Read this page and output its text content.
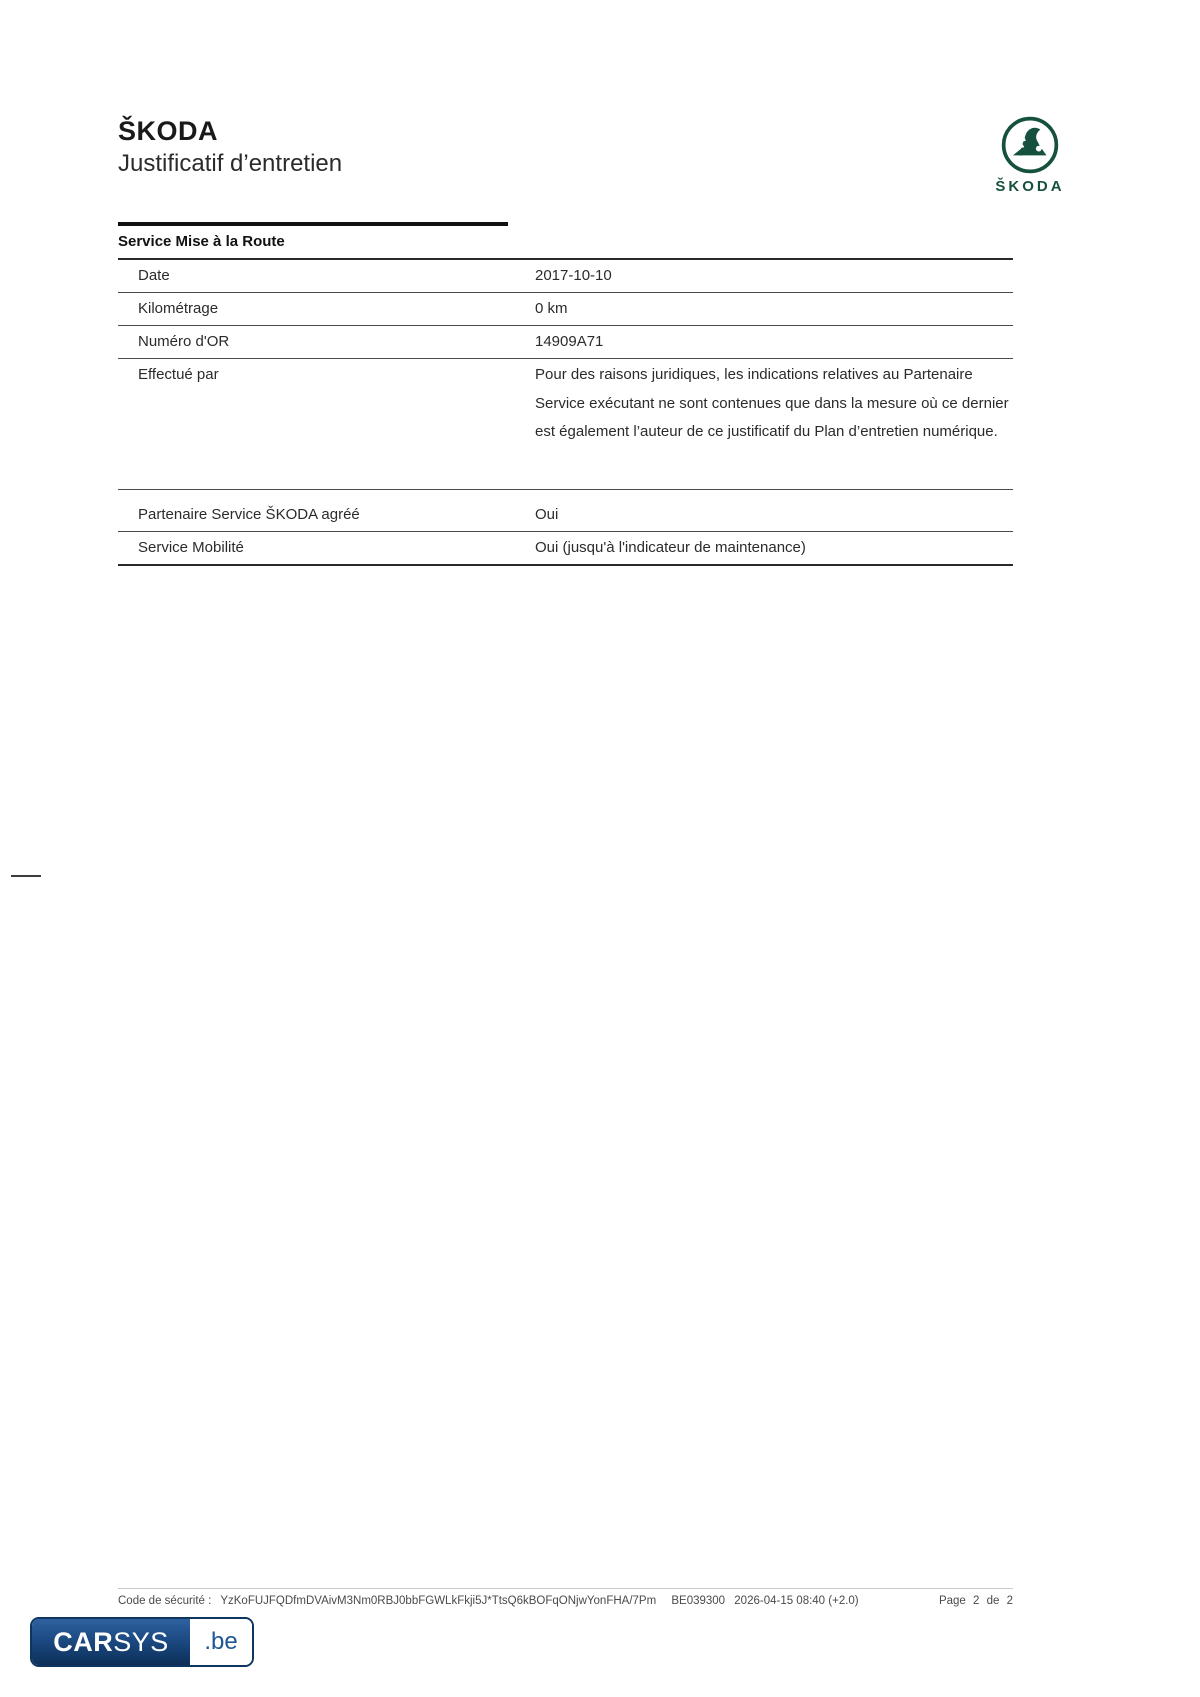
ŠKODA
Justificatif d’entretien
ŠKODA
Service Mise à la Route
Date	2017-10-10
Kilométrage	0 km
Numéro d'OR	14909A71
Effectué par	Pour des raisons juridiques, les indications relatives au Partenaire Service exécutant ne sont contenues que dans la mesure où ce dernier est également l’auteur de ce justificatif du Plan d’entretien numérique.
Partenaire Service ŠKODA agréé	Oui
Service Mobilité	Oui (jusqu'à l'indicateur de maintenance)
Code de sécurité : YzKoFUJFQDfmDVAivM3Nm0RBJ0bbFGWLkFkji5J*TtsQ6kBOFqONjwYonFHA/7Pm BE039300 2026-04-15 08:40 (+2.0)	Page 2 de 2
CAR SYS	.be
